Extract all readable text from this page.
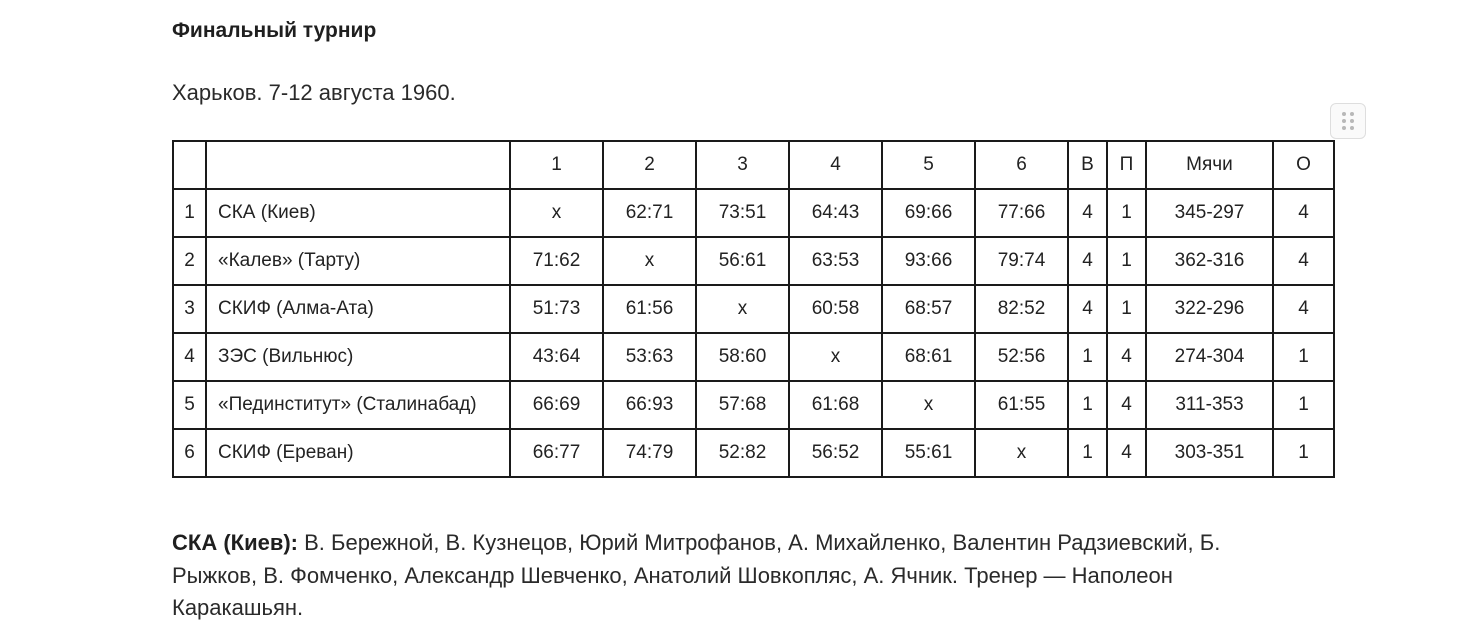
Финальный турнир
Харьков. 7-12 августа 1960.
		1	2	3	4	5	6	В	П	Мячи	О
1	СКА (Киев)	x	62:71	73:51	64:43	69:66	77:66	4	1	345-297	4
2	«Калев» (Тарту)	71:62	x	56:61	63:53	93:66	79:74	4	1	362-316	4
3	СКИФ (Алма-Ата)	51:73	61:56	x	60:58	68:57	82:52	4	1	322-296	4
4	ЗЭС (Вильнюс)	43:64	53:63	58:60	x	68:61	52:56	1	4	274-304	1
5	«Пединститут» (Сталинабад)	66:69	66:93	57:68	61:68	x	61:55	1	4	311-353	1
6	СКИФ (Ереван)	66:77	74:79	52:82	56:52	55:61	x	1	4	303-351	1
СКА (Киев): В. Бережной, В. Кузнецов, Юрий Митрофанов, А. Михайленко, Валентин Радзиевский, Б. Рыжков, В. Фомченко, Александр Шевченко, Анатолий Шовкопляс, А. Ячник. Тренер — Наполеон Каракашьян.
